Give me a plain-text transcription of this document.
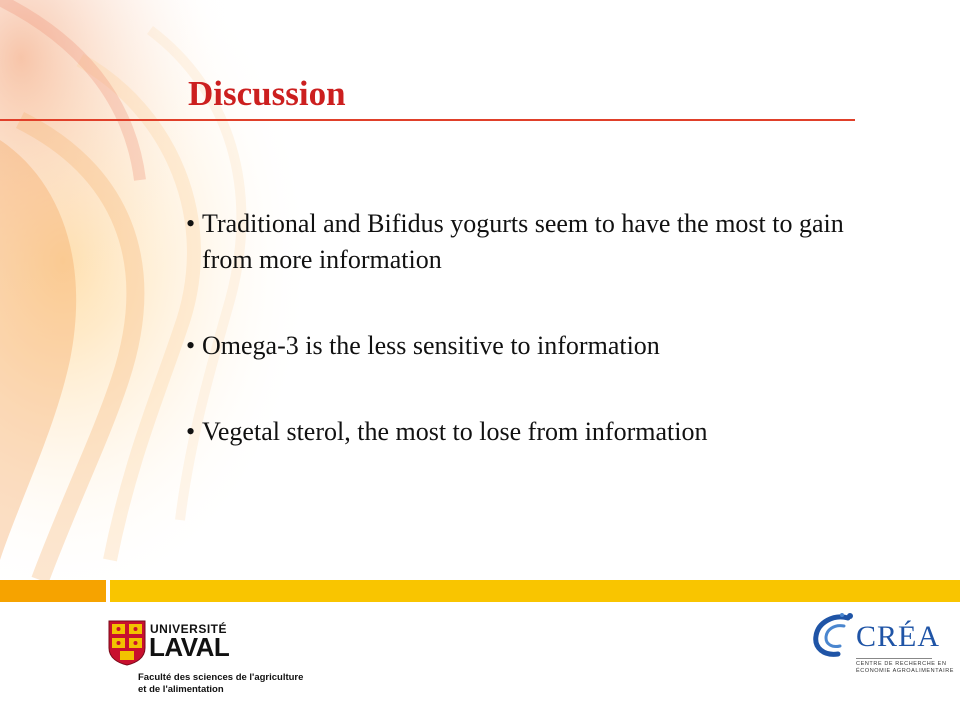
Discussion
• Traditional and Bifidus yogurts seem to have the most to gain from more information
• Omega-3 is the less sensitive to information
• Vegetal sterol, the most to lose from information
UNIVERSITÉ
LAVAL
Faculté des sciences de l'agriculture
et de l'alimentation
CRÉA
CENTRE DE RECHERCHE EN
ÉCONOMIE AGROALIMENTAIRE
